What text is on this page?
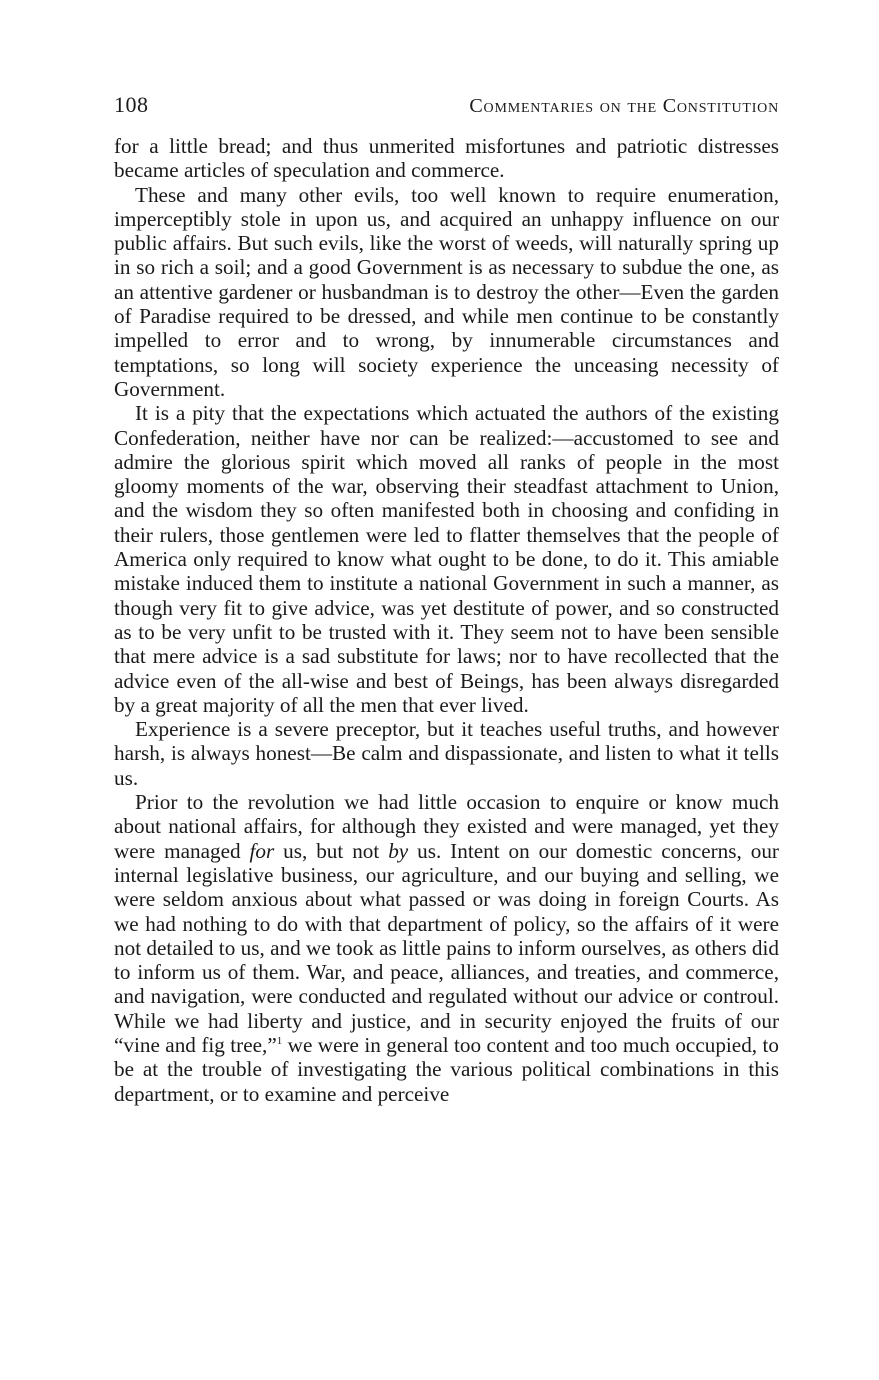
108	Commentaries on the Constitution

for a little bread; and thus unmerited misfortunes and patriotic distresses became articles of speculation and commerce.

These and many other evils, too well known to require enumeration, imperceptibly stole in upon us, and acquired an unhappy influence on our public affairs. But such evils, like the worst of weeds, will naturally spring up in so rich a soil; and a good Government is as necessary to subdue the one, as an attentive gardener or husbandman is to destroy the other—Even the garden of Paradise required to be dressed, and while men continue to be constantly impelled to error and to wrong, by innumerable circumstances and temptations, so long will society experience the unceasing necessity of Government.

It is a pity that the expectations which actuated the authors of the existing Confederation, neither have nor can be realized:—accustomed to see and admire the glorious spirit which moved all ranks of people in the most gloomy moments of the war, observing their steadfast attachment to Union, and the wisdom they so often manifested both in choosing and confiding in their rulers, those gentlemen were led to flatter themselves that the people of America only required to know what ought to be done, to do it. This amiable mistake induced them to institute a national Government in such a manner, as though very fit to give advice, was yet destitute of power, and so constructed as to be very unfit to be trusted with it. They seem not to have been sensible that mere advice is a sad substitute for laws; nor to have recollected that the advice even of the all-wise and best of Beings, has been always disregarded by a great majority of all the men that ever lived.

Experience is a severe preceptor, but it teaches useful truths, and however harsh, is always honest—Be calm and dispassionate, and listen to what it tells us.

Prior to the revolution we had little occasion to enquire or know much about national affairs, for although they existed and were managed, yet they were managed for us, but not by us. Intent on our domestic concerns, our internal legislative business, our agriculture, and our buying and selling, we were seldom anxious about what passed or was doing in foreign Courts. As we had nothing to do with that department of policy, so the affairs of it were not detailed to us, and we took as little pains to inform ourselves, as others did to inform us of them. War, and peace, alliances, and treaties, and commerce, and navigation, were conducted and regulated without our advice or controul. While we had liberty and justice, and in security enjoyed the fruits of our “vine and fig tree,”$^1$ we were in general too content and too much occupied, to be at the trouble of investigating the various political combinations in this department, or to examine and perceive
